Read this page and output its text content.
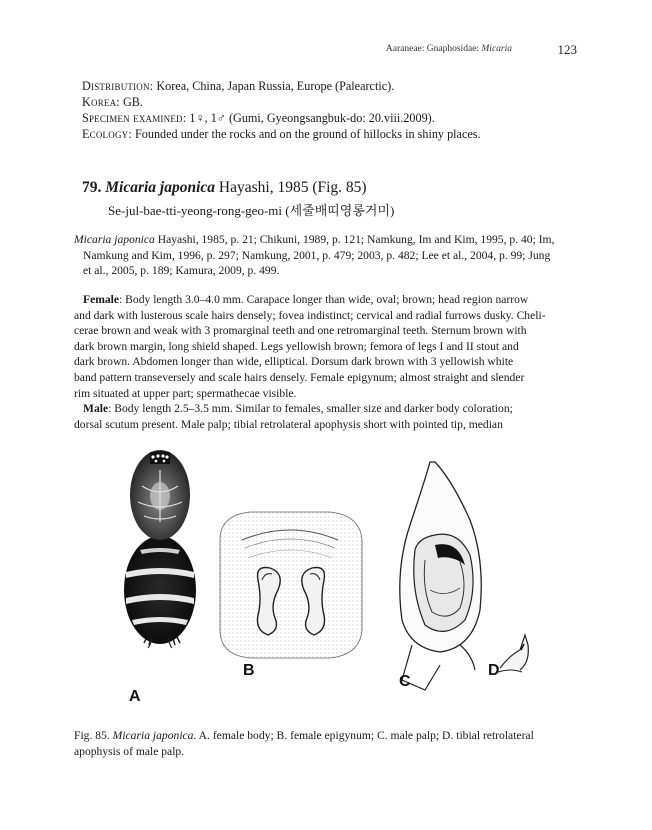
Aaraneae: Gnaphosidae: Micaria	123
Distribution: Korea, China, Japan Russia, Europe (Palearctic).
Korea: GB.
Specimen examined: 1♀, 1♂ (Gumi, Gyeongsangbuk-do: 20.viii.2009).
Ecology: Founded under the rocks and on the ground of hillocks in shiny places.
79. Micaria japonica Hayashi, 1985 (Fig. 85)
Se-jul-bae-tti-yeong-rong-geo-mi (세줄배띠영롱거미)
Micaria japonica Hayashi, 1985, p. 21; Chikuni, 1989, p. 121; Namkung, Im and Kim, 1995, p. 40; Im,
Namkung and Kim, 1996, p. 297; Namkung, 2001, p. 479; 2003, p. 482; Lee et al., 2004, p. 99; Jung
et al., 2005, p. 189; Kamura, 2009, p. 499.
Female: Body length 3.0–4.0 mm. Carapace longer than wide, oval; brown; head region narrow
and dark with lusterous scale hairs densely; fovea indistinct; cervical and radial furrows dusky. Cheli-
cerae brown and weak with 3 promarginal teeth and one retromarginal teeth. Sternum brown with
dark brown margin, long shield shaped. Legs yellowish brown; femora of legs I and II stout and
dark brown. Abdomen longer than wide, elliptical. Dorsum dark brown with 3 yellowish white
band pattern transeversely and scale hairs densely. Female epigynum; almost straight and slender
rim situated at upper part; spermathecae visible.
Male: Body length 2.5–3.5 mm. Similar to females, smaller size and darker body coloration;
dorsal scutum present. Male palp; tibial retrolateral apophysis short with pointed tip, median
A
B
C
D
Fig. 85. Micaria japonica. A. female body; B. female epigynum; C. male palp; D. tibial retrolateral
apophysis of male palp.
